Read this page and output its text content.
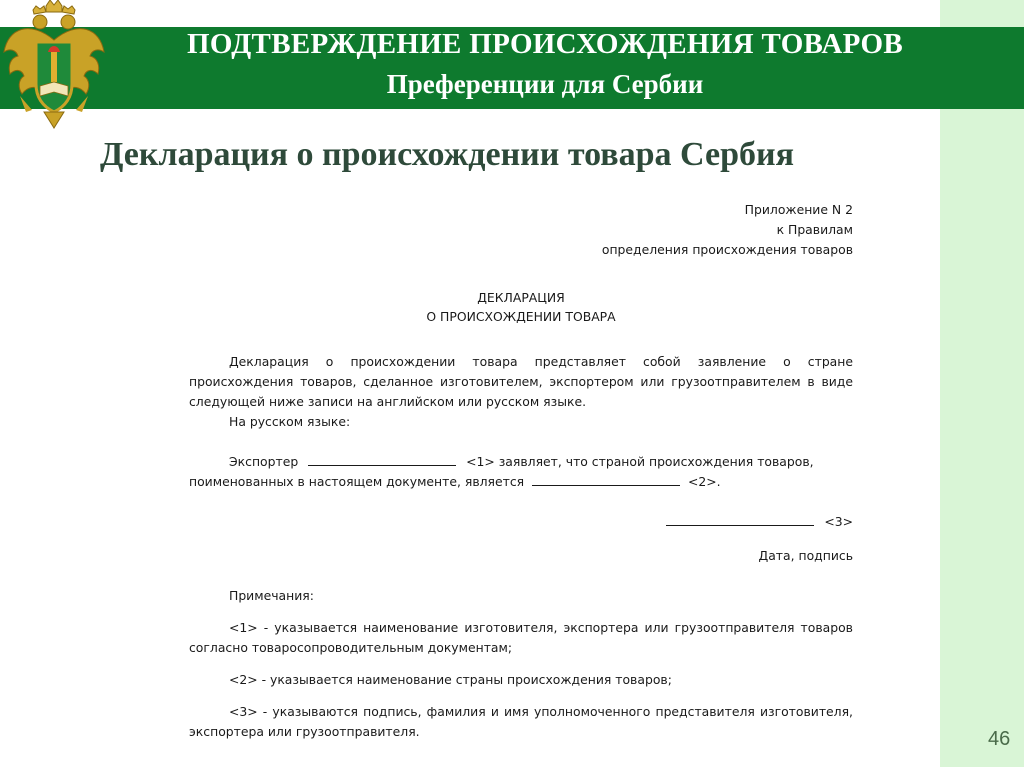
ПОДТВЕРЖДЕНИЕ ПРОИСХОЖДЕНИЯ ТОВАРОВ
Преференции для Сербии
Декларация о происхождении товара Сербия
Приложение N 2
к Правилам
определения происхождения товаров
ДЕКЛАРАЦИЯ
О ПРОИСХОЖДЕНИИ ТОВАРА
Декларация о происхождении товара представляет собой заявление о стране происхождения товаров, сделанное изготовителем, экспортером или грузоотправителем в виде следующей ниже записи на английском или русском языке.
На русском языке:
Экспортер	<1> заявляет, что страной происхождения товаров,
поименованных в настоящем документе, является	<2>.
<3>
Дата, подпись
Примечания:
<1> - указывается наименование изготовителя, экспортера или грузоотправителя товаров согласно товаросопроводительным документам;
<2> - указывается наименование страны происхождения товаров;
<3> - указываются подпись, фамилия и имя уполномоченного представителя изготовителя, экспортера или грузоотправителя.	46
